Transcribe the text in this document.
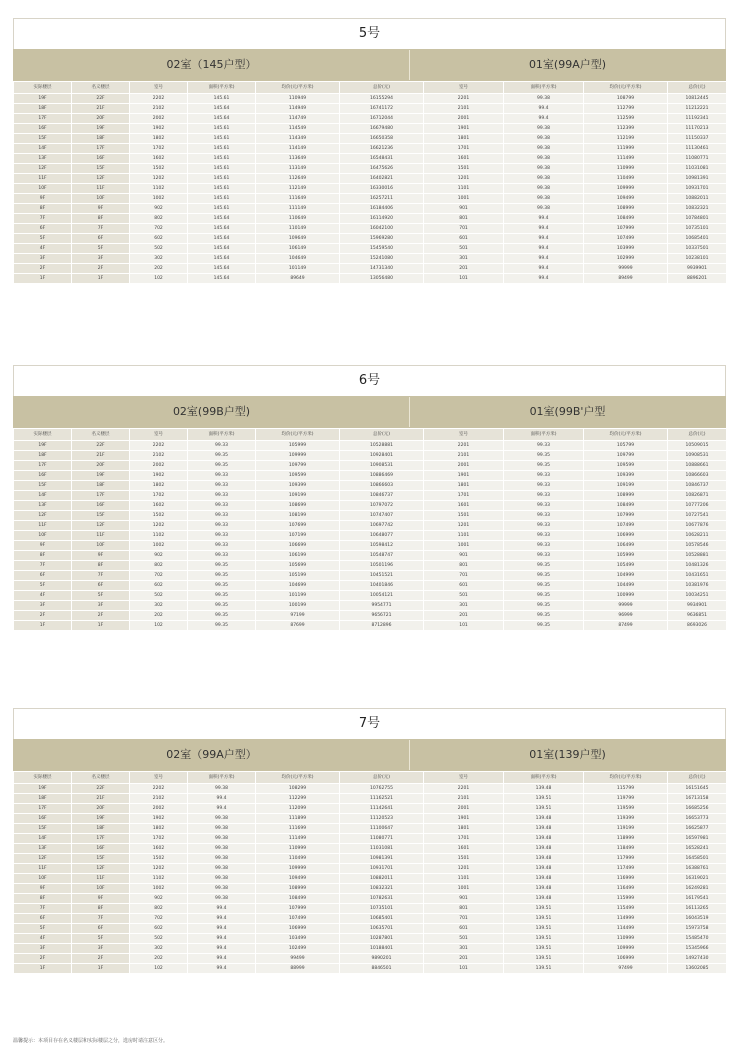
5号
02室（145户型）	01室(99A户型)
实际楼层	名义楼层	室号	面积(平方米)	均价(元/平方米)	总价(元)	室号	面积(平方米)	均价(元/平方米)	总价(元)
19F	22F	2202	145.61	110949	16155294	2201	99.38	108799	10812445
18F	21F	2102	145.64	114949	16741172	2101	99.4	112799	11212221
17F	20F	2002	145.64	114749	16712044	2001	99.4	112599	11192341
16F	19F	1902	145.61	114549	16679480	1901	99.38	112399	11170213
15F	18F	1802	145.61	114349	16650358	1801	99.38	112199	11150337
14F	17F	1702	145.61	114149	16621236	1701	99.38	111999	11130461
13F	16F	1602	145.61	113649	16548431	1601	99.38	111499	11080771
12F	15F	1502	145.61	113149	16475626	1501	99.38	110999	11031081
11F	12F	1202	145.61	112649	16402821	1201	99.38	110499	10981391
10F	11F	1102	145.61	112149	16330016	1101	99.38	109999	10931701
9F	10F	1002	145.61	111649	16257211	1001	99.38	109499	10882011
8F	9F	902	145.61	111149	16184406	901	99.38	108999	10832321
7F	8F	802	145.64	110649	16114920	801	99.4	108499	10784801
6F	7F	702	145.64	110149	16042100	701	99.4	107999	10735101
5F	6F	602	145.64	109649	15969280	601	99.4	107499	10685401
4F	5F	502	145.64	106149	15459540	501	99.4	103999	10337501
3F	3F	302	145.64	104649	15241080	301	99.4	102999	10238101
2F	2F	202	145.64	101149	14731340	201	99.4	99999	9939901
1F	1F	102	145.64	89649	13056480	101	99.4	89499	8896201
6号
02室(99B户型)	01室(99B'户型
实际楼层	名义楼层	室号	面积(平方米)	均价(元/平方米)	总价(元)	室号	面积(平方米)	均价(元/平方米)	总价(元)
19F	22F	2202	99.33	105999	10528881	2201	99.33	105799	10509015
18F	21F	2102	99.35	109999	10928401	2101	99.35	109799	10908531
17F	20F	2002	99.35	109799	10908531	2001	99.35	109599	10888661
16F	19F	1902	99.33	109599	10886469	1901	99.33	109399	10866603
15F	18F	1802	99.33	109399	10866603	1801	99.33	109199	10846737
14F	17F	1702	99.33	109199	10846737	1701	99.33	108999	10826871
13F	16F	1602	99.33	108699	10797072	1601	99.33	108499	10777206
12F	15F	1502	99.33	108199	10747407	1501	99.33	107999	10727541
11F	12F	1202	99.33	107699	10697742	1201	99.33	107499	10677876
10F	11F	1102	99.33	107199	10648077	1101	99.33	106999	10628211
9F	10F	1002	99.33	106699	10598412	1001	99.33	106499	10578546
8F	9F	902	99.33	106199	10548747	901	99.33	105999	10528881
7F	8F	802	99.35	105699	10501196	801	99.35	105499	10481326
6F	7F	702	99.35	105199	10451521	701	99.35	104999	10431651
5F	6F	602	99.35	104699	10401846	601	99.35	104499	10381976
4F	5F	502	99.35	101199	10054121	501	99.35	100999	10034251
3F	3F	302	99.35	100199	9954771	301	99.35	99999	9934901
2F	2F	202	99.35	97199	9656721	201	99.35	96999	9636851
1F	1F	102	99.35	87699	8712896	101	99.35	87499	8693026
7号
02室（99A户型）	01室(139户型)
实际楼层	名义楼层	室号	面积(平方米)	均价(元/平方米)	总价(元)	室号	面积(平方米)	均价(元/平方米)	总价(元)
19F	22F	2202	99.38	108299	10762755	2201	139.48	115799	16151645
18F	21F	2102	99.4	112299	11162521	2101	139.51	119799	16713158
17F	20F	2002	99.4	112099	11142641	2001	139.51	119599	16685256
16F	19F	1902	99.38	111899	11120523	1901	139.48	119399	16653773
15F	18F	1802	99.38	111699	11100647	1801	139.48	119199	16625877
14F	17F	1702	99.38	111499	11080771	1701	139.48	118999	16597981
13F	16F	1602	99.38	110999	11031081	1601	139.48	118499	16528241
12F	15F	1502	99.38	110499	10981391	1501	139.48	117999	16458501
11F	12F	1202	99.38	109999	10931701	1201	139.48	117499	16388761
10F	11F	1102	99.38	109499	10882011	1101	139.48	116999	16319021
9F	10F	1002	99.38	108999	10832321	1001	139.48	116499	16249281
8F	9F	902	99.38	108499	10782631	901	139.48	115999	16179541
7F	8F	802	99.4	107999	10735101	801	139.51	115499	16113265
6F	7F	702	99.4	107499	10685401	701	139.51	114999	16043519
5F	6F	602	99.4	106999	10635701	601	139.51	114499	15973758
4F	5F	502	99.4	103499	10287801	501	139.51	110999	15485470
3F	3F	302	99.4	102499	10188401	301	139.51	109999	15345966
2F	2F	202	99.4	99499	9890201	201	139.51	106999	14927430
1F	1F	102	99.4	88999	8846501	101	139.51	97499	13602085
温馨提示：本项目存在名义楼层和实际楼层之分，选房时请注意区分。
